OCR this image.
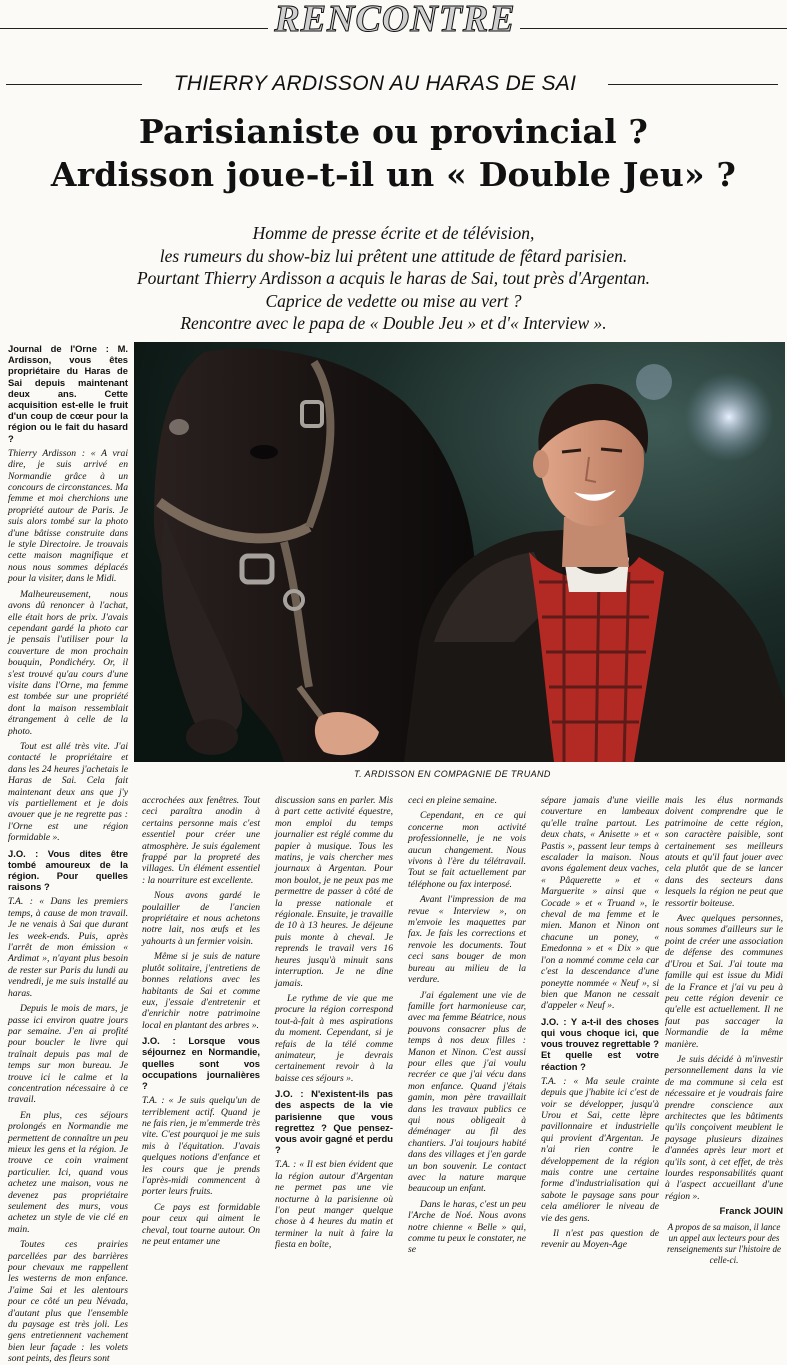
RENCONTRE
THIERRY ARDISSON AU HARAS DE SAI
Parisianiste ou provincial ?
Ardisson joue-t-il un « Double Jeu» ?
Homme de presse écrite et de télévision,
les rumeurs du show-biz lui prêtent une attitude de fêtard parisien.
Pourtant Thierry Ardisson a acquis le haras de Sai, tout près d'Argentan.
Caprice de vedette ou mise au vert ?
Rencontre avec le papa de « Double Jeu » et d'« Interview ».
T. ARDISSON EN COMPAGNIE DE TRUAND

Journal de l'Orne : M. Ardisson, vous êtes propriétaire du Haras de Sai depuis maintenant deux ans. Cette acquisition est-elle le fruit d'un coup de cœur pour la région ou le fait du hasard ?

Thierry Ardisson : « A vrai dire, je suis arrivé en Normandie grâce à un concours de circonstances. Ma femme et moi cherchions une propriété autour de Paris. Je suis alors tombé sur la photo d'une bâtisse construite dans le style Directoire. Je trouvais cette maison magnifique et nous nous sommes déplacés pour la visiter, dans le Midi.

Malheureusement, nous avons dû renoncer à l'achat, elle était hors de prix. J'avais cependant gardé la photo car je pensais l'utiliser pour la couverture de mon prochain bouquin, Pondichéry. Or, il s'est trouvé qu'au cours d'une visite dans l'Orne, ma femme est tombée sur une propriété dont la maison ressemblait étrangement à celle de la photo.

Tout est allé très vite. J'ai contacté le propriétaire et dans les 24 heures j'achetais le Haras de Sai. Cela fait maintenant deux ans que j'y vis partiellement et je dois avouer que je ne regrette pas : l'Orne est une région formidable ».

J.O. : Vous dites être tombé amoureux de la région. Pour quelles raisons ?

T.A. : « Dans les premiers temps, à cause de mon travail. Je ne venais à Sai que durant les week-ends. Puis, après l'arrêt de mon émission « Ardimat », n'ayant plus besoin de rester sur Paris du lundi au vendredi, je me suis installé au haras.

Depuis le mois de mars, je passe ici environ quatre jours par semaine. J'en ai profité pour boucler le livre qui traînait depuis pas mal de temps sur mon bureau. Je trouve ici le calme et la concentration nécessaire à ce travail.

En plus, ces séjours prolongés en Normandie me permettent de connaître un peu mieux les gens et la région. Je trouve ce coin vraiment particulier. Ici, quand vous achetez une maison, vous ne devenez pas propriétaire seulement des murs, vous achetez un style de vie clé en main.

Toutes ces prairies parcellées par des barrières pour chevaux me rappellent les westerns de mon enfance. J'aime Sai et les alentours pour ce côté un peu Névada, d'autant plus que l'ensemble du paysage est très joli. Les gens entretiennent vachement bien leur façade : les volets sont peints, des fleurs sont

accrochées aux fenêtres. Tout ceci paraîtra anodin à certains personne mais c'est essentiel pour créer une atmosphère. Je suis également frappé par la propreté des villages. Un élément essentiel : la nourriture est excellente.

Nous avons gardé le poulailler de l'ancien propriétaire et nous achetons notre lait, nos œufs et les yahourts à un fermier voisin.

Même si je suis de nature plutôt solitaire, j'entretiens de bonnes relations avec les habitants de Sai et comme eux, j'essaie d'entretenir et d'enrichir notre patrimoine local en plantant des arbres ».

J.O. : Lorsque vous séjournez en Normandie, quelles sont vos occupations journalières ?

T.A. : « Je suis quelqu'un de terriblement actif. Quand je ne fais rien, je m'emmerde très vite. C'est pourquoi je me suis mis à l'équitation. J'avais quelques notions d'enfance et les cours que je prends l'après-midi commencent à porter leurs fruits.

Ce pays est formidable pour ceux qui aiment le cheval, tout tourne autour. On ne peut entamer une

discussion sans en parler. Mis à part cette activité équestre, mon emploi du temps journalier est réglé comme du papier à musique. Tous les matins, je vais chercher mes journaux à Argentan. Pour mon boulot, je ne peux pas me permettre de passer à côté de la presse nationale et régionale. Ensuite, je travaille de 10 à 13 heures. Je déjeune puis monte à cheval. Je reprends le travail vers 16 heures jusqu'à minuit sans interruption. Je ne dîne jamais.

Le rythme de vie que me procure la région correspond tout-à-fait à mes aspirations du moment. Cependant, si je refais de la télé comme animateur, je devrais certainement revoir à la baisse ces séjours ».

J.O. : N'existent-ils pas des aspects de la vie parisienne que vous regrettez ? Que pensez-vous avoir gagné et perdu ?

T.A. : « Il est bien évident que la région autour d'Argentan ne permet pas une vie nocturne à la parisienne où l'on peut manger quelque chose à 4 heures du matin et terminer la nuit à faire la fiesta en boîte,

ceci en pleine semaine.

Cependant, en ce qui concerne mon activité professionnelle, je ne vois aucun changement. Nous vivons à l'ère du télétravail. Tout se fait actuellement par téléphone ou fax interposé.

Avant l'impression de ma revue « Interview », on m'envoie les maquettes par fax. Je fais les corrections et renvoie les documents. Tout ceci sans bouger de mon bureau au milieu de la verdure.

J'ai également une vie de famille fort harmonieuse car, avec ma femme Béatrice, nous pouvons consacrer plus de temps à nos deux filles : Manon et Ninon. C'est aussi pour elles que j'ai voulu recréer ce que j'ai vécu dans mon enfance. Quand j'étais gamin, mon père travaillait dans les travaux publics ce qui nous obligeait à déménager au fil des chantiers. J'ai toujours habité dans des villages et j'en garde un bon souvenir. Le contact avec la nature marque beaucoup un enfant.

Dans le haras, c'est un peu l'Arche de Noé. Nous avons notre chienne « Belle » qui, comme tu peux le constater, ne se

sépare jamais d'une vieille couverture en lambeaux qu'elle traîne partout. Les deux chats, « Anisette » et « Pastis », passent leur temps à escalader la maison. Nous avons également deux vaches, « Pâquerette » et « Marguerite » ainsi que « Cocade » et « Truand », le cheval de ma femme et le mien. Manon et Ninon ont chacune un poney, « Emedonna » et « Dix » que l'on a nommé comme cela car c'est la descendance d'une poneytte nommée « Neuf », si bien que Manon ne cessait d'appeler « Neuf ».

J.O. : Y a-t-il des choses qui vous choque ici, que vous trouvez regrettable ? Et quelle est votre réaction ?

T.A. : « Ma seule crainte depuis que j'habite ici c'est de voir se développer, jusqu'à Urou et Sai, cette lèpre pavillonnaire et industrielle qui provient d'Argentan. Je n'ai rien contre le développement de la région mais contre une certaine forme d'industrialisation qui sabote le paysage sans pour cela améliorer le niveau de vie des gens.

Il n'est pas question de revenir au Moyen-Age

mais les élus normands doivent comprendre que le patrimoine de cette région, son caractère paisible, sont certainement ses meilleurs atouts et qu'il faut jouer avec cela plutôt que de se lancer dans des secteurs dans lesquels la région ne peut que ressortir boiteuse.

Avec quelques personnes, nous sommes d'ailleurs sur le point de créer une association de défense des communes d'Urou et Sai. J'ai toute ma famille qui est issue du Midi de la France et j'ai vu peu à peu cette région devenir ce qu'elle est actuellement. Il ne faut pas saccager la Normandie de la même manière.

Je suis décidé à m'investir personnellement dans la vie de ma commune si cela est nécessaire et je voudrais faire prendre conscience aux architectes que les bâtiments qu'ils conçoivent meublent le paysage plusieurs dizaines d'années après leur mort et qu'ils sont, à cet effet, de très lourdes responsabilités quant à l'aspect accueillant d'une région ».

Franck JOUIN

A propos de sa maison, il lance un appel aux lecteurs pour des renseignements sur l'histoire de celle-ci.
